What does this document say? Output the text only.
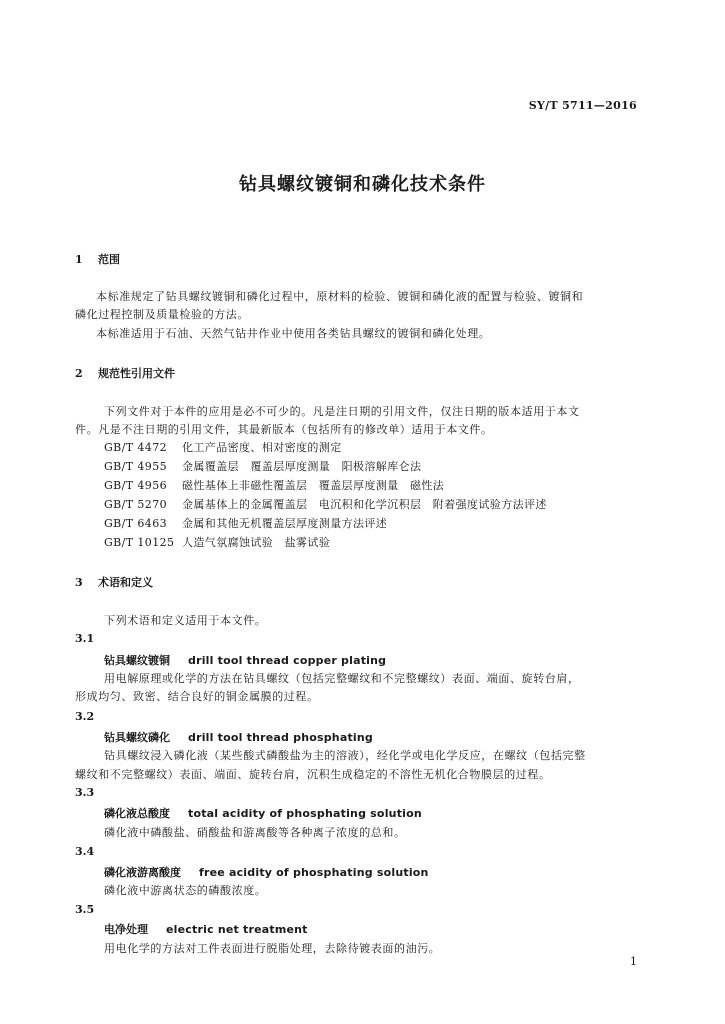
SY/T 5711—2016
钻具螺纹镀铜和磷化技术条件
1 范围
本标准规定了钻具螺纹镀铜和磷化过程中，原材料的检验、镀铜和磷化液的配置与检验、镀铜和
磷化过程控制及质量检验的方法。
本标准适用于石油、天然气钻井作业中使用各类钻具螺纹的镀铜和磷化处理。
2 规范性引用文件
下列文件对于本件的应用是必不可少的。凡是注日期的引用文件，仅注日期的版本适用于本文
件。凡是不注日期的引用文件，其最新版本（包括所有的修改单）适用于本文件。
GB/T 4472 化工产品密度、相对密度的测定
GB/T 4955 金属覆盖层　覆盖层厚度测量　阳极溶解库仑法
GB/T 4956 磁性基体上非磁性覆盖层　覆盖层厚度测量　磁性法
GB/T 5270 金属基体上的金属覆盖层　电沉积和化学沉积层　附着强度试验方法评述
GB/T 6463 金属和其他无机覆盖层厚度测量方法评述
GB/T 10125 人造气氛腐蚀试验　盐雾试验
3 术语和定义
下列术语和定义适用于本文件。
3.1
钻具螺纹镀铜 drill tool thread copper plating
用电解原理或化学的方法在钻具螺纹（包括完整螺纹和不完整螺纹）表面、端面、旋转台肩，
形成均匀、致密、结合良好的铜金属膜的过程。
3.2
钻具螺纹磷化 drill tool thread phosphating
钻具螺纹浸入磷化液（某些酸式磷酸盐为主的溶液），经化学或电化学反应，在螺纹（包括完整
螺纹和不完整螺纹）表面、端面、旋转台肩，沉积生成稳定的不溶性无机化合物膜层的过程。
3.3
磷化液总酸度 total acidity of phosphating solution
磷化液中磷酸盐、硝酸盐和游离酸等各种离子浓度的总和。
3.4
磷化液游离酸度 free acidity of phosphating solution
磷化液中游离状态的磷酸浓度。
3.5
电净处理 electric net treatment
用电化学的方法对工件表面进行脱脂处理，去除待镀表面的油污。
1
